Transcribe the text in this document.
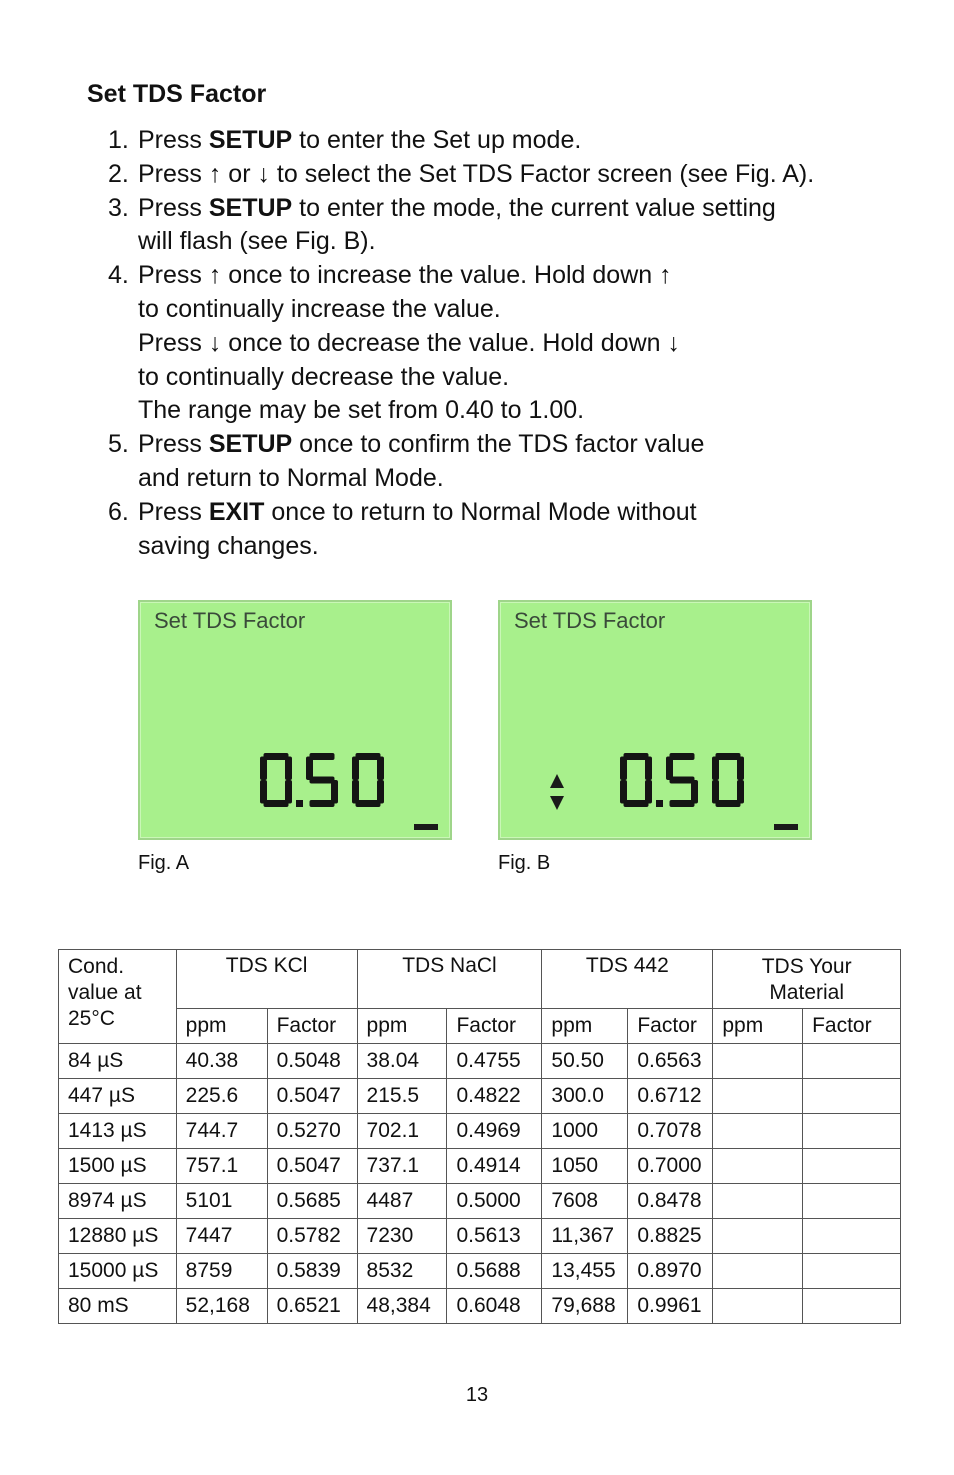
Set TDS Factor
1. Press SETUP to enter the Set up mode.
2. Press ↑ or ↓ to select the Set TDS Factor screen (see Fig. A).
3. Press SETUP to enter the mode, the current value setting
will flash (see Fig. B).
4. Press ↑ once to increase the value. Hold down ↑
to continually increase the value.
Press ↓ once to decrease the value. Hold down ↓
to continually decrease the value.
The range may be set from 0.40 to 1.00.
5. Press SETUP once to confirm the TDS factor value
and return to Normal Mode.
6. Press EXIT once to return to Normal Mode without
saving changes.
Set TDS Factor
Fig. A
Set TDS Factor
Fig. B
Cond.
value at
25°C	TDS KCl		TDS NaCl		TDS 442		TDS Your Material	
	ppm	Factor	ppm	Factor	ppm	Factor	ppm	Factor
84 µS	40.38	0.5048	38.04	0.4755	50.50	0.6563		
447 µS	225.6	0.5047	215.5	0.4822	300.0	0.6712		
1413 µS	744.7	0.5270	702.1	0.4969	1000	0.7078		
1500 µS	757.1	0.5047	737.1	0.4914	1050	0.7000		
8974 µS	5101	0.5685	4487	0.5000	7608	0.8478		
12880 µS	7447	0.5782	7230	0.5613	11,367	0.8825		
15000 µS	8759	0.5839	8532	0.5688	13,455	0.8970		
80 mS	52,168	0.6521	48,384	0.6048	79,688	0.9961		
13
